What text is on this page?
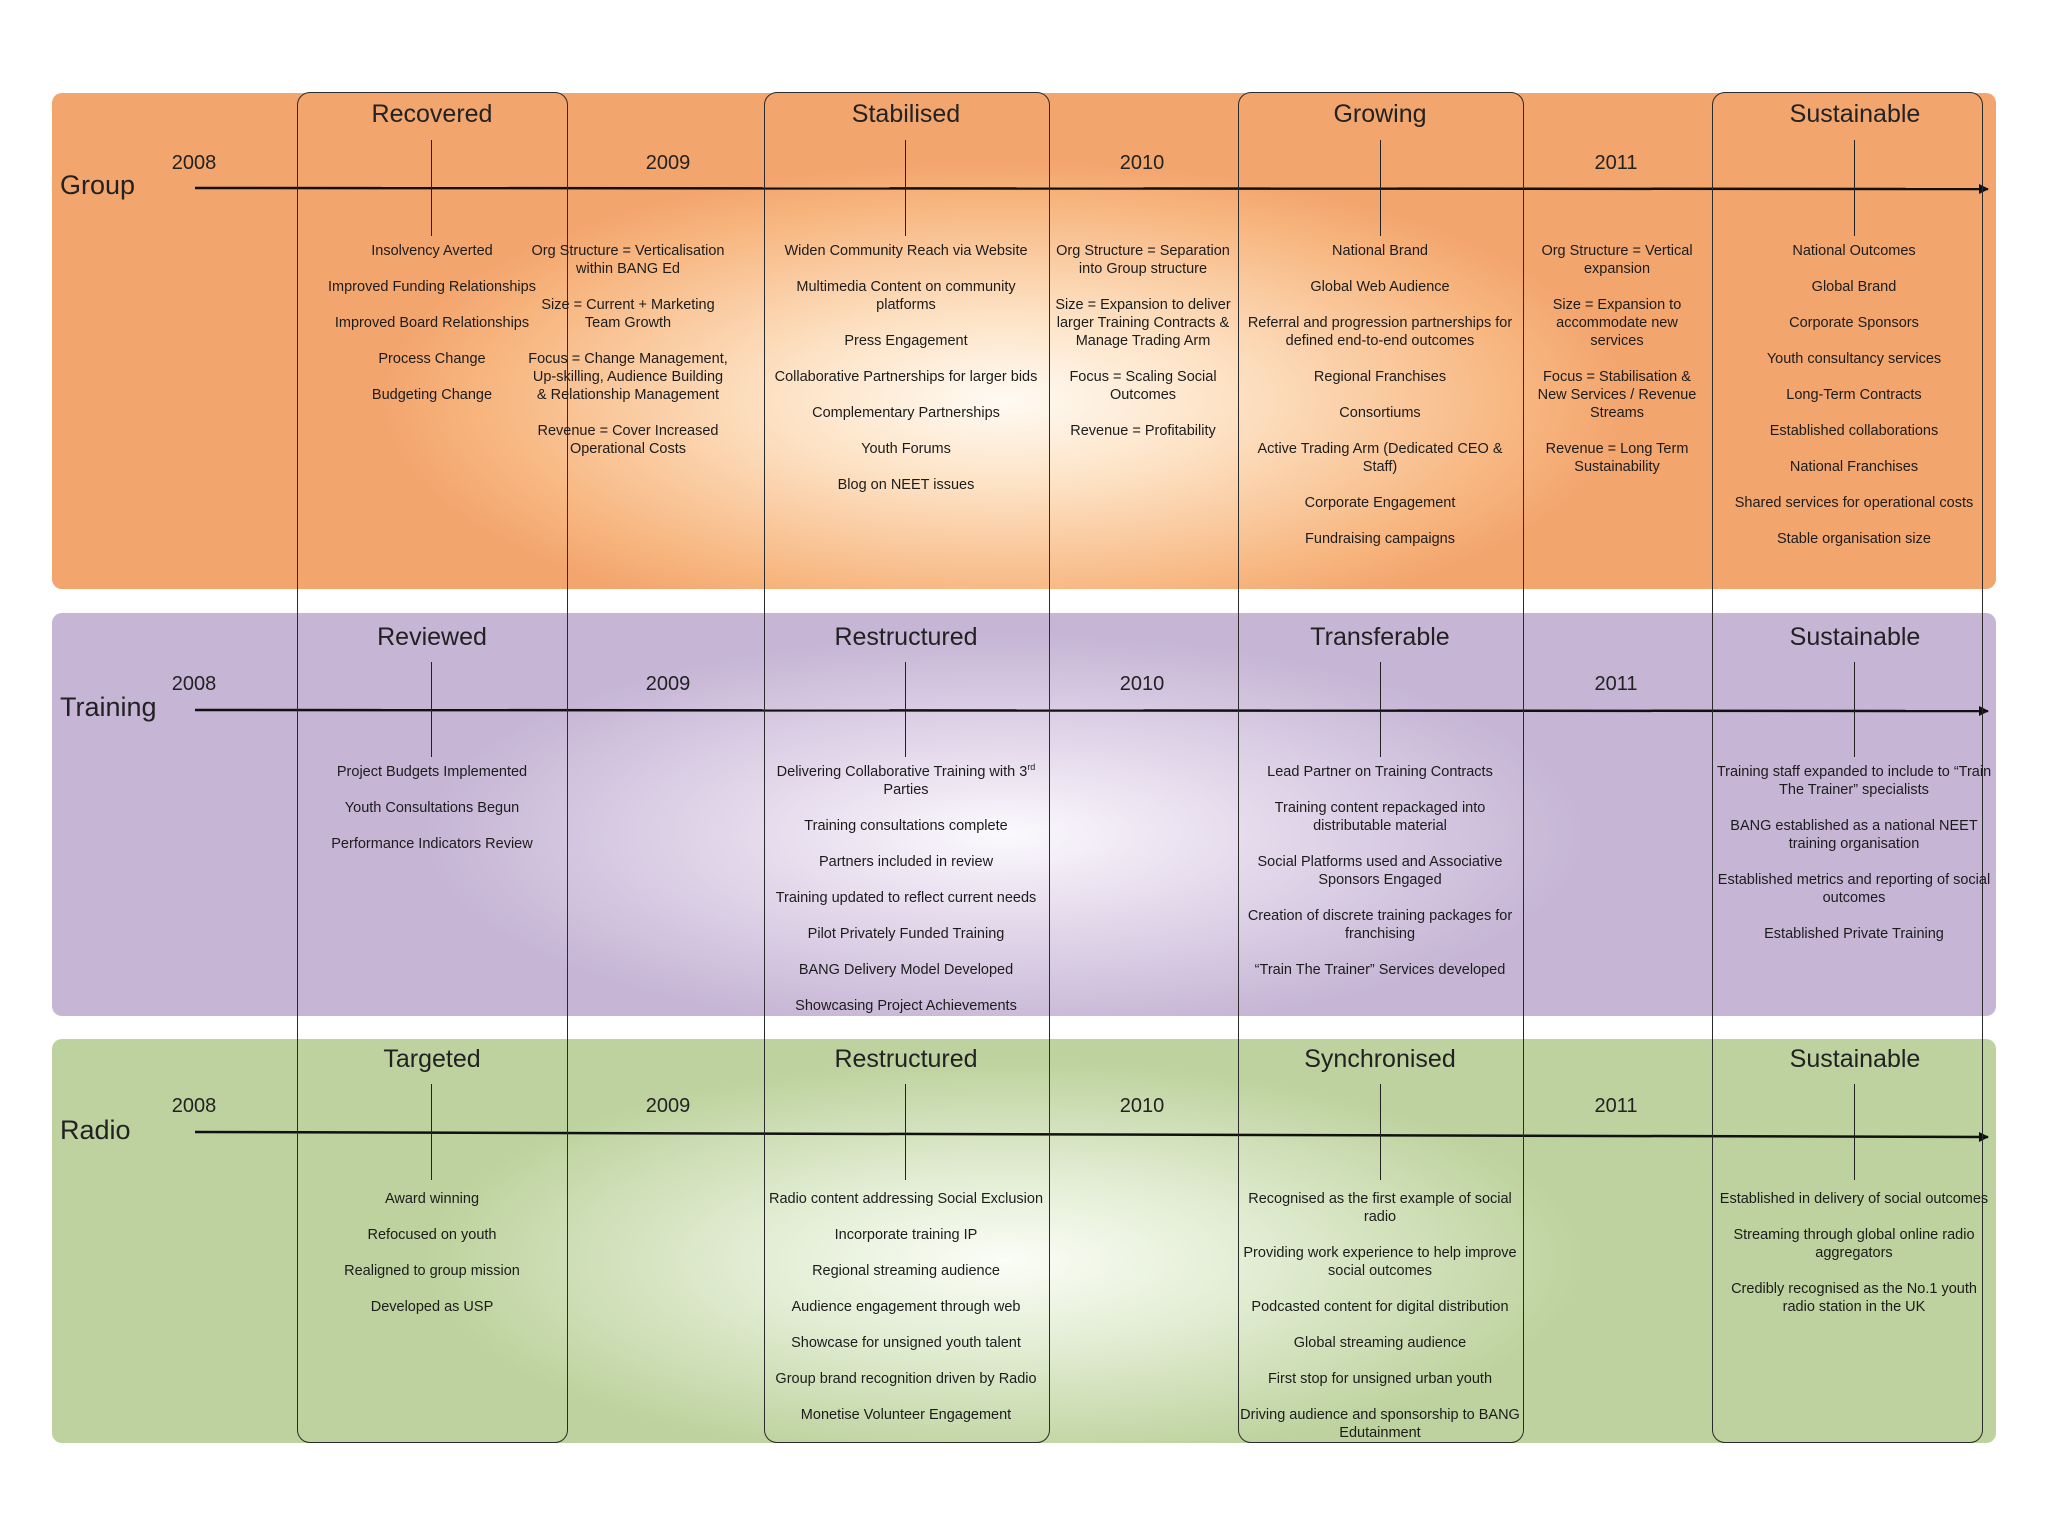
Group
2008	2009	2010	2011
Recovered	Stabilised	Growing	Sustainable
Insolvency Averted
Improved Funding Relationships
Improved Board Relationships
Process Change
Budgeting Change
Org Structure = Verticalisation within BANG Ed
Size = Current + Marketing Team Growth
Focus = Change Management, Up-skilling, Audience Building & Relationship Management
Revenue = Cover Increased Operational Costs
Widen Community Reach via Website
Multimedia Content on community platforms
Press Engagement
Collaborative Partnerships for larger bids
Complementary Partnerships
Youth Forums
Blog on NEET issues
Org Structure = Separation into Group structure
Size = Expansion to deliver larger Training Contracts & Manage Trading Arm
Focus = Scaling Social Outcomes
Revenue = Profitability
National Brand
Global Web Audience
Referral and progression partnerships for defined end-to-end outcomes
Regional Franchises
Consortiums
Active Trading Arm (Dedicated CEO & Staff)
Corporate Engagement
Fundraising campaigns
Org Structure = Vertical expansion
Size = Expansion to accommodate new services
Focus = Stabilisation & New Services / Revenue Streams
Revenue = Long Term Sustainability
National Outcomes
Global Brand
Corporate Sponsors
Youth consultancy services
Long-Term Contracts
Established collaborations
National Franchises
Shared services for operational costs
Stable organisation size
Training
2008	2009	2010	2011
Reviewed	Restructured	Transferable	Sustainable
Project Budgets Implemented
Youth Consultations Begun
Performance Indicators Review
Delivering Collaborative Training with 3rd Parties
Training consultations complete
Partners included in review
Training updated to reflect current needs
Pilot Privately Funded Training
BANG Delivery Model Developed
Showcasing Project Achievements
Lead Partner on Training Contracts
Training content repackaged into distributable material
Social Platforms used and Associative Sponsors Engaged
Creation of discrete training packages for franchising
“Train The Trainer” Services developed
Training staff expanded to include to “Train The Trainer” specialists
BANG established as a national NEET training organisation
Established metrics and reporting of social outcomes
Established Private Training
Radio
2008	2009	2010	2011
Targeted	Restructured	Synchronised	Sustainable
Award winning
Refocused on youth
Realigned to group mission
Developed as USP
Radio content addressing Social Exclusion
Incorporate training IP
Regional streaming audience
Audience engagement through web
Showcase for unsigned youth talent
Group brand recognition driven by Radio
Monetise Volunteer Engagement
Recognised as the first example of social radio
Providing work experience to help improve social outcomes
Podcasted content for digital distribution
Global streaming audience
First stop for unsigned urban youth
Driving audience and sponsorship to BANG Edutainment
Established in delivery of social outcomes
Streaming through global online radio aggregators
Credibly recognised as the No.1 youth radio station in the UK
